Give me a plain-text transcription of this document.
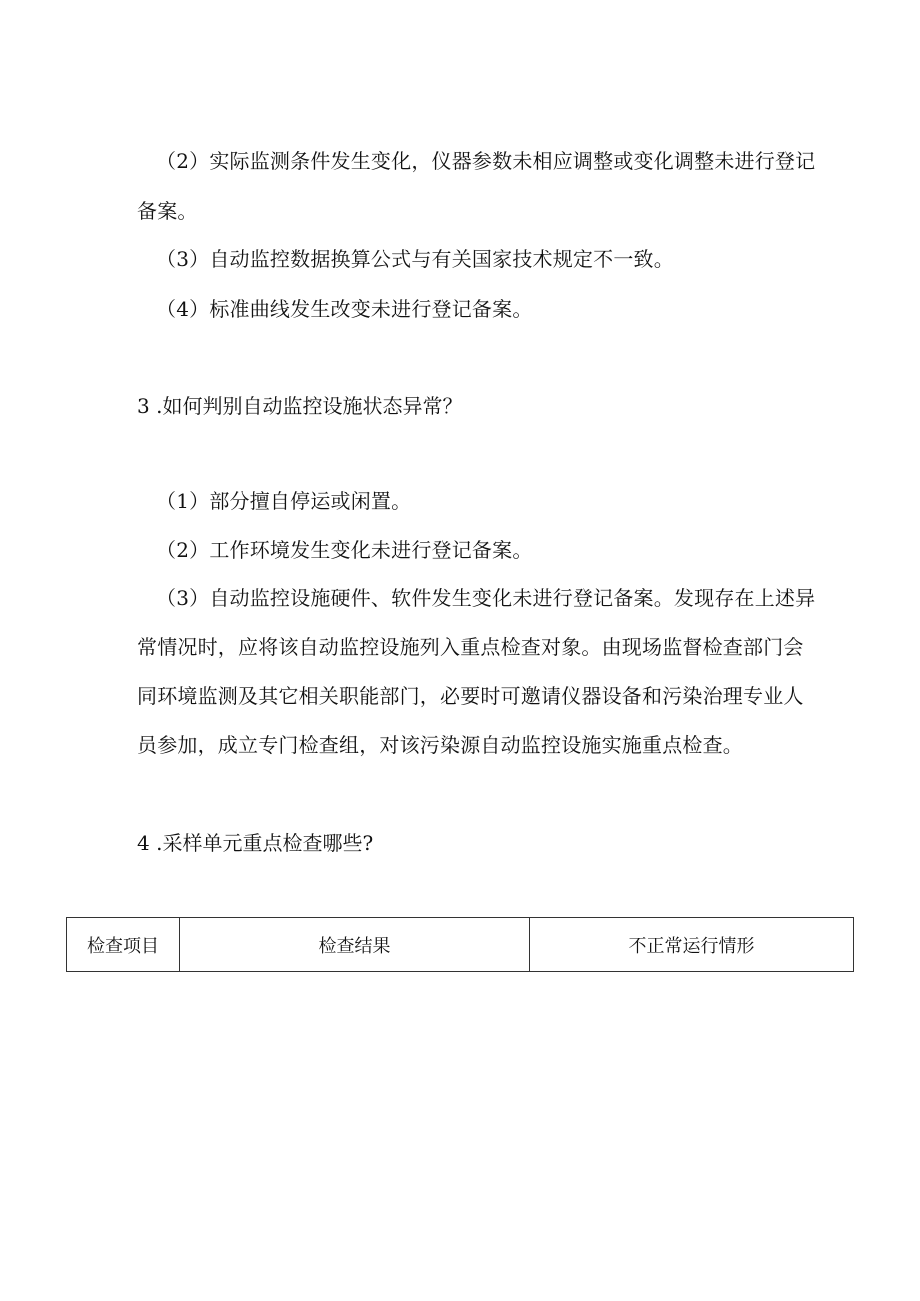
（2）实际监测条件发生变化，仪器参数未相应调整或变化调整未进行登记
备案。
（3）自动监控数据换算公式与有关国家技术规定不一致。
（4）标准曲线发生改变未进行登记备案。
3 .如何判别自动监控设施状态异常？
（1）部分擅自停运或闲置。
（2）工作环境发生变化未进行登记备案。
（3）自动监控设施硬件、软件发生变化未进行登记备案。发现存在上述异
常情况时，应将该自动监控设施列入重点检查对象。由现场监督检查部门会
同环境监测及其它相关职能部门，必要时可邀请仪器设备和污染治理专业人
员参加，成立专门检查组，对该污染源自动监控设施实施重点检查。
4 .采样单元重点检查哪些?
检查项目	检查结果	不正常运行情形
